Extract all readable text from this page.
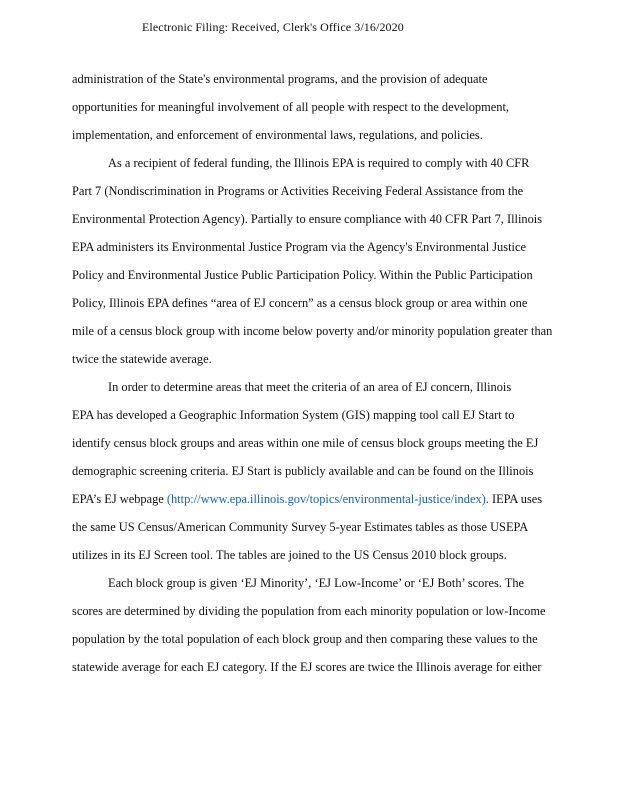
Electronic Filing: Received, Clerk's Office 3/16/2020
administration of the State's environmental programs, and the provision of adequate
opportunities for meaningful involvement of all people with respect to the development,
implementation, and enforcement of environmental laws, regulations, and policies.
As a recipient of federal funding, the Illinois EPA is required to comply with 40 CFR
Part 7 (Nondiscrimination in Programs or Activities Receiving Federal Assistance from the
Environmental Protection Agency). Partially to ensure compliance with 40 CFR Part 7, Illinois
EPA administers its Environmental Justice Program via the Agency's Environmental Justice
Policy and Environmental Justice Public Participation Policy. Within the Public Participation
Policy, Illinois EPA defines “area of EJ concern” as a census block group or area within one
mile of a census block group with income below poverty and/or minority population greater than
twice the statewide average.
In order to determine areas that meet the criteria of an area of EJ concern, Illinois
EPA has developed a Geographic Information System (GIS) mapping tool call EJ Start to
identify census block groups and areas within one mile of census block groups meeting the EJ
demographic screening criteria. EJ Start is publicly available and can be found on the Illinois
EPA’s EJ webpage (http://www.epa.illinois.gov/topics/environmental-justice/index). IEPA uses
the same US Census/American Community Survey 5-year Estimates tables as those USEPA
utilizes in its EJ Screen tool. The tables are joined to the US Census 2010 block groups.
Each block group is given ‘EJ Minority’, ‘EJ Low-Income’ or ‘EJ Both’ scores. The
scores are determined by dividing the population from each minority population or low-Income
population by the total population of each block group and then comparing these values to the
statewide average for each EJ category. If the EJ scores are twice the Illinois average for either
